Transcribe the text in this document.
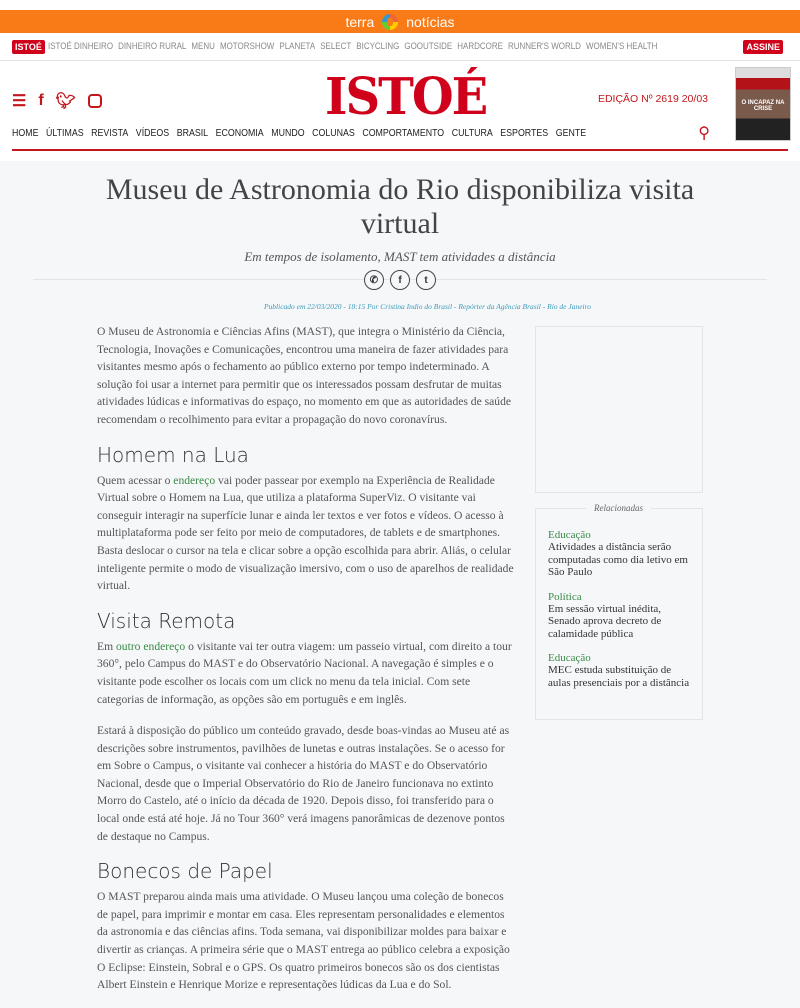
terra notícias
ISTOÉ ISTOÉ DINHEIRO DINHEIRO RURAL MENU MOTORSHOW PLANETA SELECT BICYCLING GOOUTSIDE HARDCORE RUNNER'S WORLD WOMEN'S HEALTH	ASSINE
☰ f 🐦︎	ISTOÉ	EDIÇÃO Nº 2619 20/03	O INCAPAZ NA CRISE
HOME ÚLTIMAS REVISTA VÍDEOS BRASIL ECONOMIA MUNDO COLUNAS COMPORTAMENTO CULTURA ESPORTES GENTE	⚲
Museu de Astronomia do Rio disponibiliza visita virtual
Em tempos de isolamento, MAST tem atividades a distância
✆	f	t
Publicado em 22/03/2020 - 18:15 Por Cristina Indio do Brasil - Repórter da Agência Brasil - Rio de Janeiro

O Museu de Astronomia e Ciências Afins (MAST), que integra o Ministério da Ciência, Tecnologia, Inovações e Comunicações, encontrou uma maneira de fazer atividades para visitantes mesmo após o fechamento ao público externo por tempo indeterminado. A solução foi usar a internet para permitir que os interessados possam desfrutar de muitas atividades lúdicas e informativas do espaço, no momento em que as autoridades de saúde recomendam o recolhimento para evitar a propagação do novo coronavírus.

Homem na Lua

Quem acessar o endereço vai poder passear por exemplo na Experiência de Realidade Virtual sobre o Homem na Lua, que utiliza a plataforma SuperViz. O visitante vai conseguir interagir na superfície lunar e ainda ler textos e ver fotos e vídeos. O acesso à multiplataforma pode ser feito por meio de computadores, de tablets e de smartphones. Basta deslocar o cursor na tela e clicar sobre a opção escolhida para abrir. Aliás, o celular inteligente permite o modo de visualização imersivo, com o uso de aparelhos de realidade virtual.

Visita Remota

Em outro endereço o visitante vai ter outra viagem: um passeio virtual, com direito a tour 360°, pelo Campus do MAST e do Observatório Nacional. A navegação é simples e o visitante pode escolher os locais com um click no menu da tela inicial. Com sete categorias de informação, as opções são em português e em inglês.

Estará à disposição do público um conteúdo gravado, desde boas-vindas ao Museu até as descrições sobre instrumentos, pavilhões de lunetas e outras instalações. Se o acesso for em Sobre o Campus, o visitante vai conhecer a história do MAST e do Observatório Nacional, desde que o Imperial Observatório do Rio de Janeiro funcionava no extinto Morro do Castelo, até o início da década de 1920. Depois disso, foi transferido para o local onde está até hoje. Já no Tour 360° verá imagens panorâmicas de dezenove pontos de destaque no Campus.

Bonecos de Papel

O MAST preparou ainda mais uma atividade. O Museu lançou uma coleção de bonecos de papel, para imprimir e montar em casa. Eles representam personalidades e elementos da astronomia e das ciências afins. Toda semana, vai disponibilizar moldes para baixar e divertir as crianças. A primeira série que o MAST entrega ao público celebra a exposição O Eclipse: Einstein, Sobral e o GPS. Os quatro primeiros bonecos são os dos cientistas Albert Einstein e Henrique Morize e representações lúdicas da Lua e do Sol.

Relacionadas
Educação
Atividades a distância serão computadas como dia letivo em São Paulo
Política
Em sessão virtual inédita, Senado aprova decreto de calamidade pública
Educação
MEC estuda substituição de aulas presenciais por a distância
